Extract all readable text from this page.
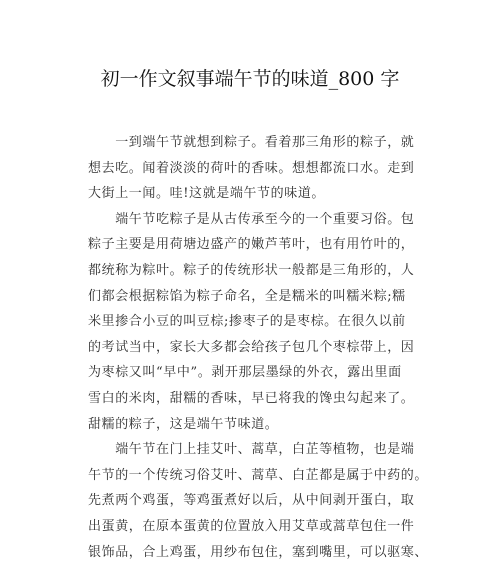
初一作文叙事端午节的味道_800 字
　　一到端午节就想到粽子。看着那三角形的粽子，就
想去吃。闻着淡淡的荷叶的香味。想想都流口水。走到
大街上一闻。哇!这就是端午节的味道。
　　端午节吃粽子是从古传承至今的一个重要习俗。包
粽子主要是用荷塘边盛产的嫩芦苇叶，也有用竹叶的，
都统称为粽叶。粽子的传统形状一般都是三角形的，人
们都会根据粽馅为粽子命名，全是糯米的叫糯米粽;糯
米里掺合小豆的叫豆棕;掺枣子的是枣棕。在很久以前
的考试当中，家长大多都会给孩子包几个枣棕带上，因
为枣棕又叫“早中”。剥开那层墨绿的外衣，露出里面
雪白的米肉，甜糯的香味，早已将我的馋虫勾起来了。
甜糯的粽子，这是端午节味道。
　　端午节在门上挂艾叶、蒿草，白芷等植物，也是端
午节的一个传统习俗艾叶、蒿草、白芷都是属于中药的。
先煮两个鸡蛋，等鸡蛋煮好以后，从中间剥开蛋白，取
出蛋黄，在原本蛋黄的位置放入用艾草或蒿草包住一件
银饰品，合上鸡蛋，用纱布包住，塞到嘴里，可以驱寒、
